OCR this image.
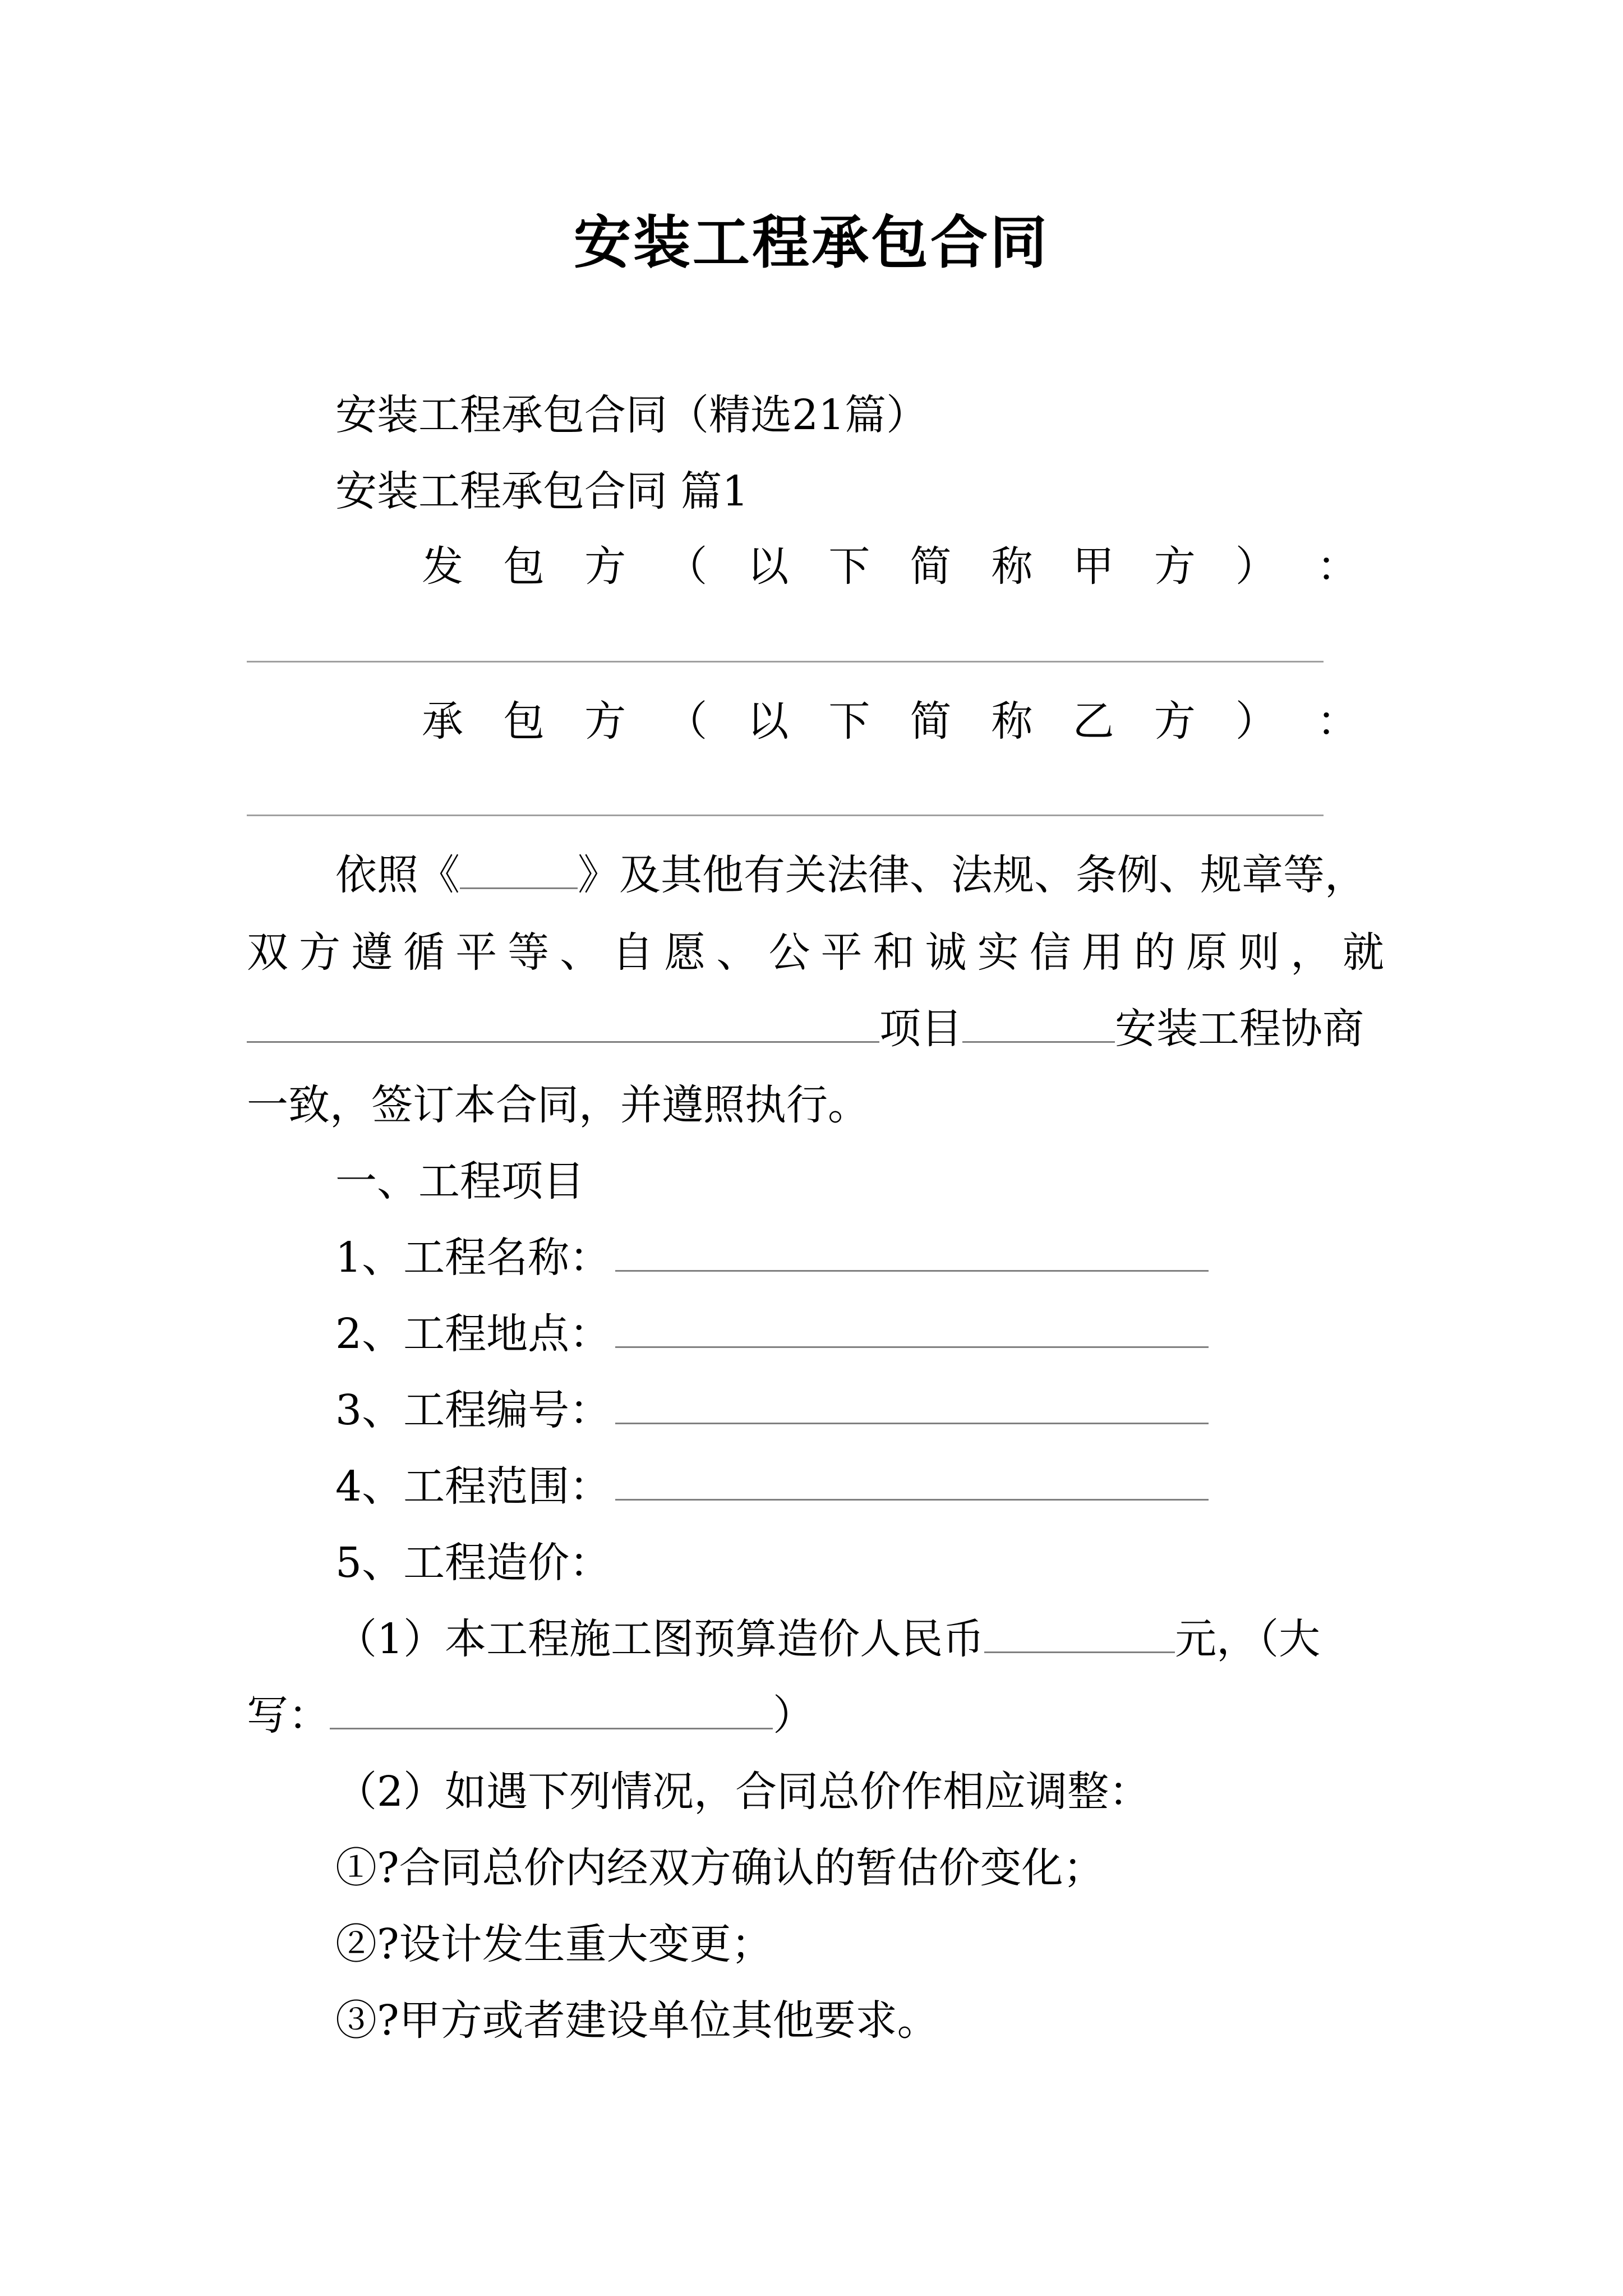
安装工程承包合同
安装工程承包合同（精选21篇）
安装工程承包合同 篇1
发 包 方 （ 以 下 简 称 甲 方 ） ：
承 包 方 （ 以 下 简 称 乙 方 ） ：
依照《	》及其他有关法律、法规、条例、规章等，
双 方 遵 循 平 等 、 自 愿 、 公 平 和 诚 实 信 用 的 原 则 ， 就
项目	安装工程协商
一致，签订本合同，并遵照执行。
一、工程项目
1、工程名称：
2、工程地点：
3、工程编号：
4、工程范围：
5、工程造价：
（1）本工程施工图预算造价人民币	元，（大
写：	）
（2）如遇下列情况，合同总价作相应调整：
①?合同总价内经双方确认的暂估价变化；
②?设计发生重大变更；
③?甲方或者建设单位其他要求。
